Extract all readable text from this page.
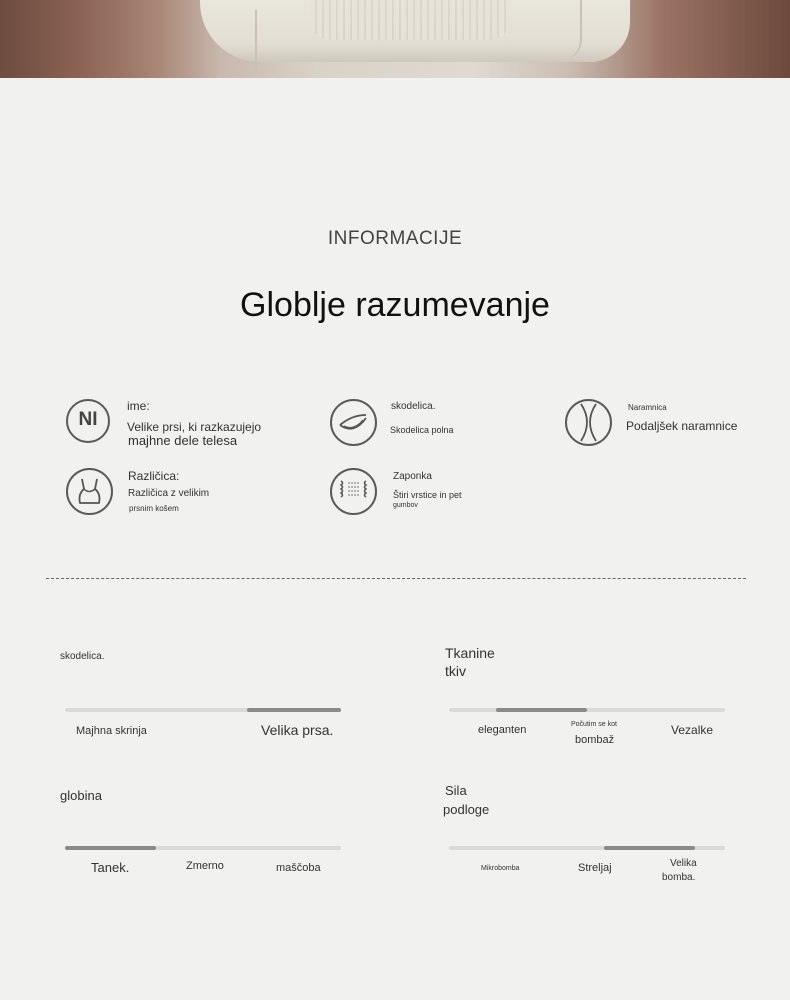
INFORMACIJE
Globlje razumevanje
NI
ime:
Velike prsi, ki razkazujejo
majhne dele telesa
skodelica.
Skodelica polna
Naramnica
Podaljšek naramnice
Različica:
Različica z velikim
prsnim košem
Zaponka
Štiri vrstice in pet
gumbov
skodelica.
Majhna skrinja	Velika prsa.
Tkanine
tkiv
eleganten	Počutim se kot
bombaž
Vezalke
globina
Tanek.	Zmerno	maščoba
Sila
podloge
Mikrobomba	Streljaj	Velika
bomba.
